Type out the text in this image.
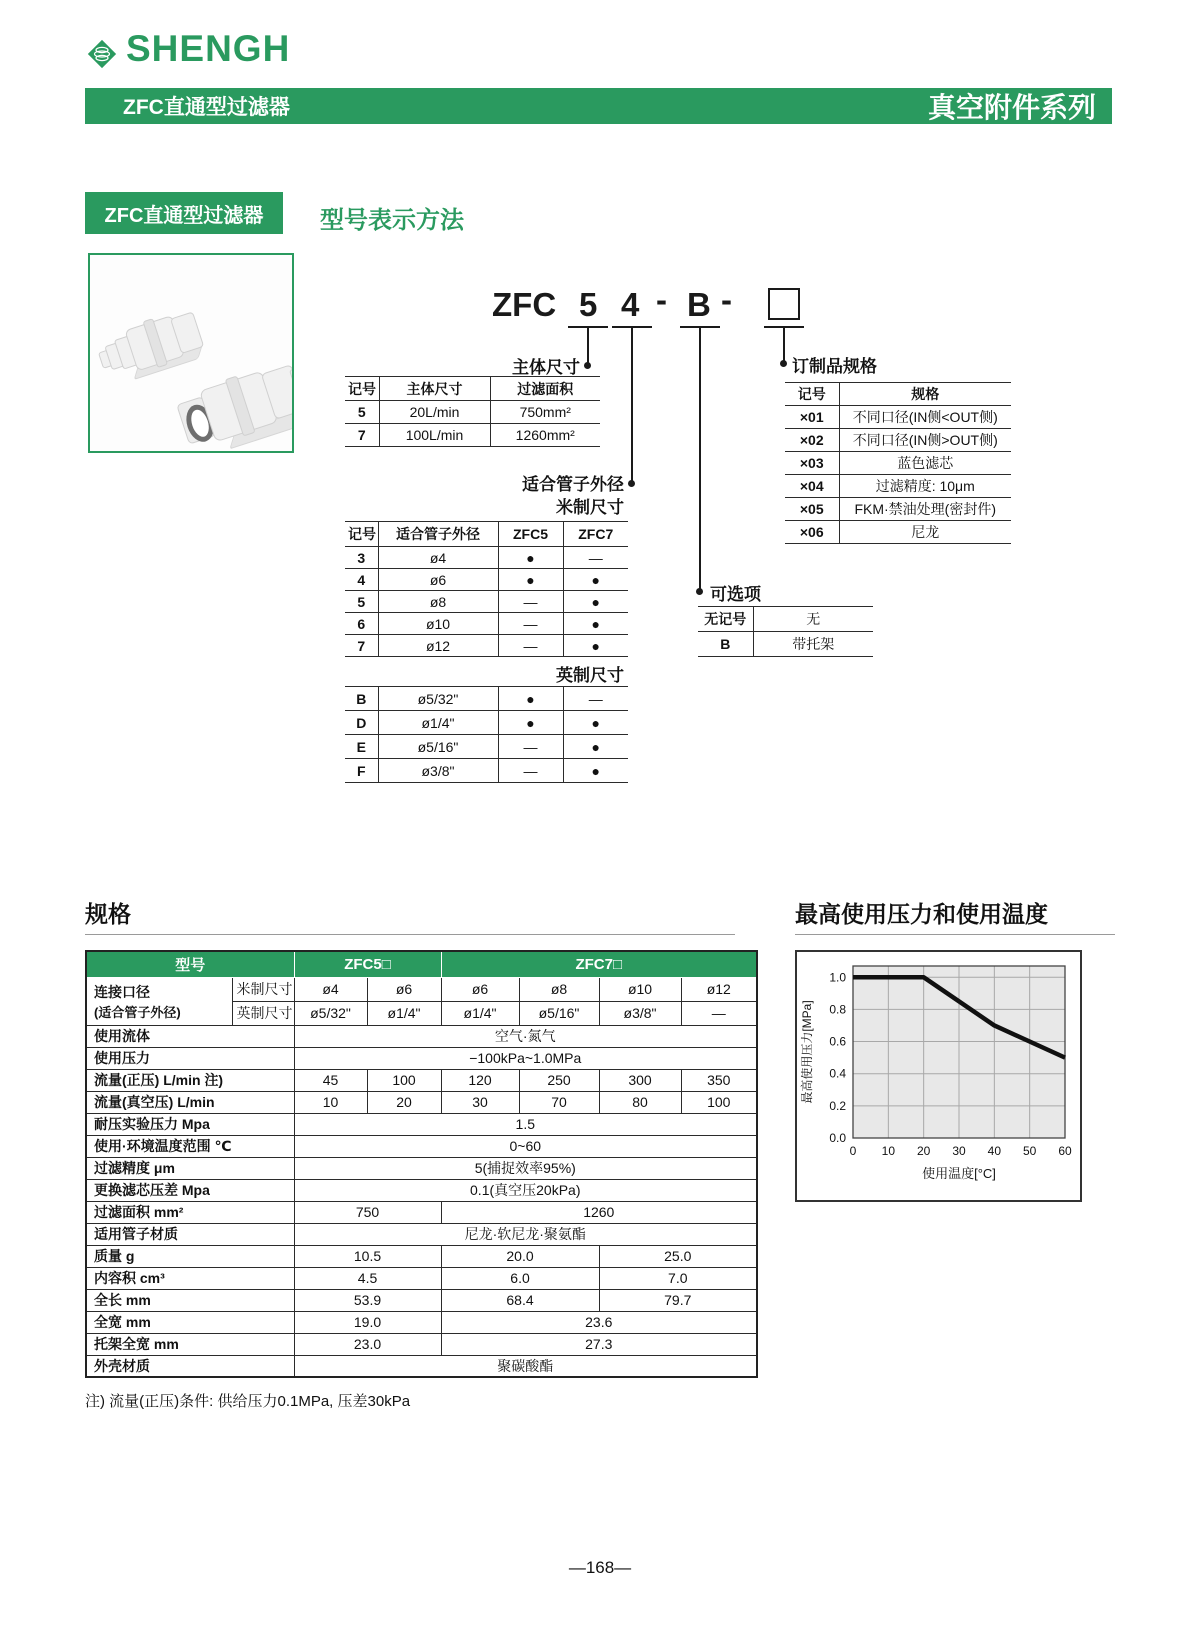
SHENGH
ZFC直通型过滤器	真空附件系列
ZFC直通型过滤器	型号表示方法
ZFC 5 4 - B -
主体尺寸
适合管子外径
米制尺寸
英制尺寸
可选项
订制品规格
记号	主体尺寸	过滤面积
5	20L/min	750mm²
7	100L/min	1260mm²
记号	规格
×01	不同口径(IN侧<OUT侧)
×02	不同口径(IN侧>OUT侧)
×03	蓝色滤芯
×04	过滤精度: 10μm
×05	FKM·禁油处理(密封件)
×06	尼龙
记号	适合管子外径	ZFC5	ZFC7
3	ø4	●	—
4	ø6	●	●
5	ø8	—	●
6	ø10	—	●
7	ø12	—	●
B	ø5/32"	●	—
D	ø1/4"	●	●
E	ø5/16"	—	●
F	ø3/8"	—	●
无记号	无
B	带托架
规格
型号		ZFC5□		ZFC7□			
连接口径
(适合管子外径)	米制尺寸	ø4	ø6	ø6	ø8	ø10	ø12
	英制尺寸	ø5/32"	ø1/4"	ø1/4"	ø5/16"	ø3/8"	—
使用流体		空气·氮气					
使用压力		−100kPa~1.0MPa					
流量(正压) L/min 注)		45	100	120	250	300	350
流量(真空压) L/min		10	20	30	70	80	100
耐压实验压力 Mpa		1.5					
使用·环境温度范围 ℃		0~60					
过滤精度 μm		5(捕捉效率95%)					
更换滤芯压差 Mpa		0.1(真空压20kPa)					
过滤面积 mm²		750		1260			
适用管子材质		尼龙·软尼龙·聚氨酯					
质量 g		10.5		20.0		25.0	
内容积 cm³		4.5		6.0		7.0	
全长 mm		53.9		68.4		79.7	
全宽 mm		19.0		23.6			
托架全宽 mm		23.0		27.3			
外壳材质		聚碳酸酯					
注) 流量(正压)条件: 供给压力0.1MPa, 压差30kPa
最高使用压力和使用温度
0 10 20 30 40 50 60
0.0
0.2
0.4
0.6
0.8
1.0
使用温度[°C]
最高使用压力[MPa]
—168—
